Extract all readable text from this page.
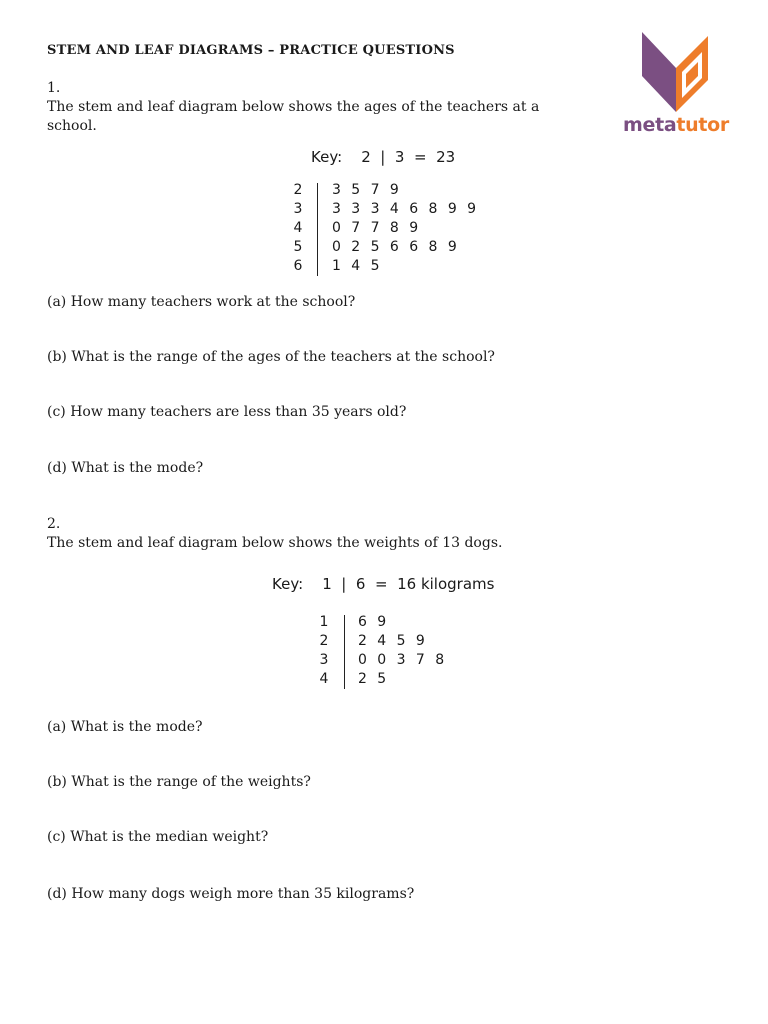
STEM AND LEAF DIAGRAMS – PRACTICE QUESTIONS
metatutor
1.
The stem and leaf diagram below shows the ages of the teachers at a school.
Key:    2  |  3  =  23
2 3  5  7  9
3 3  3  3  4  6  8  9  9
4 0  7  7  8  9
5 0  2  5  6  6  8  9
6 1  4  5
(a) How many teachers work at the school?
(b) What is the range of the ages of the teachers at the school?
(c) How many teachers are less than 35 years old?
(d) What is the mode?
2.
The stem and leaf diagram below shows the weights of 13 dogs.
Key:    1  |  6  =  16 kilograms
1 6  9
2 2  4  5  9
3 0  0  3  7  8
4 2  5
(a) What is the mode?
(b) What is the range of the weights?
(c) What is the median weight?
(d) How many dogs weigh more than 35 kilograms?
